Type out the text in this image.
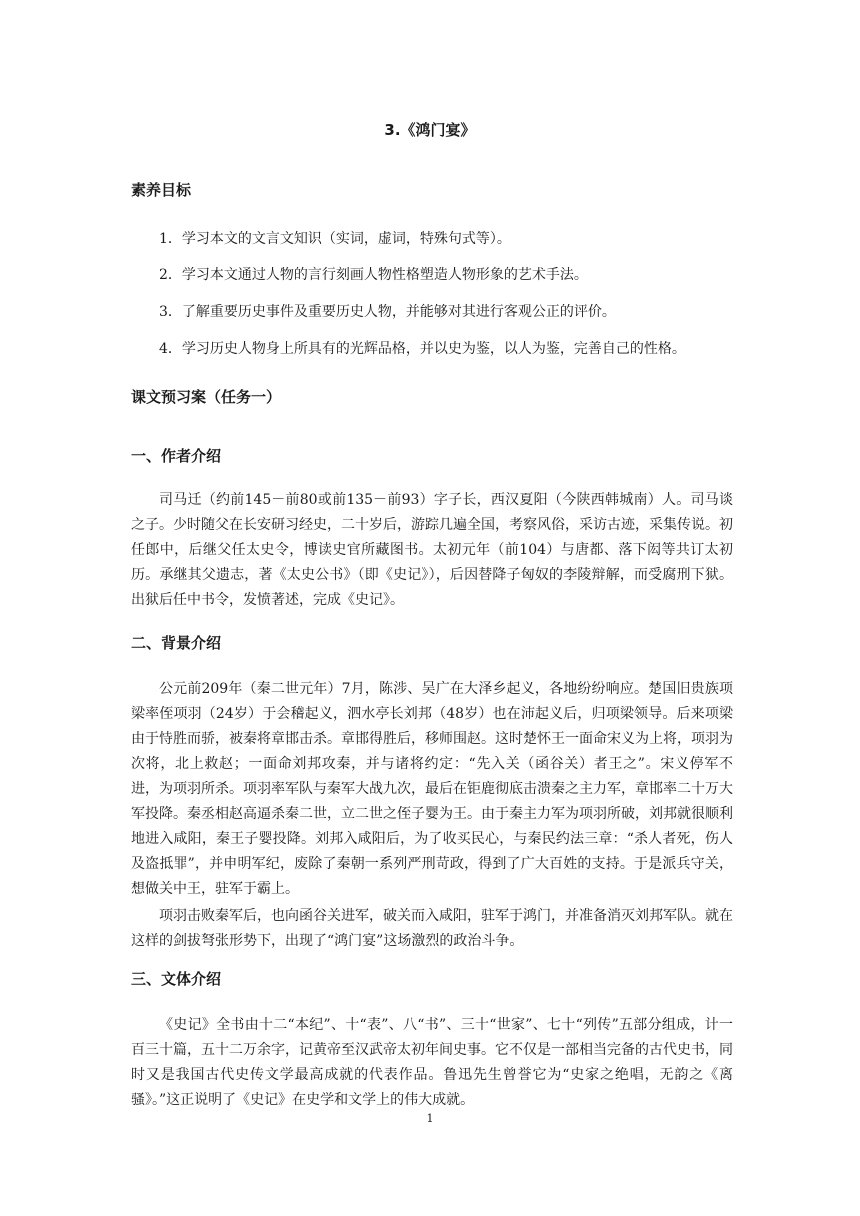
3.《鸿门宴》
素养目标
1．学习本文的文言文知识（实词，虚词，特殊句式等）。
2．学习本文通过人物的言行刻画人物性格塑造人物形象的艺术手法。
3．了解重要历史事件及重要历史人物，并能够对其进行客观公正的评价。
4．学习历史人物身上所具有的光辉品格，并以史为鉴，以人为鉴，完善自己的性格。
课文预习案（任务一）
一、作者介绍
司马迁（约前145－前80或前135－前93）字子长，西汉夏阳（今陕西韩城南）人。司马谈之子。少时随父在长安研习经史，二十岁后，游踪几遍全国，考察风俗，采访古迹，采集传说。初任郎中，后继父任太史令，博读史官所藏图书。太初元年（前104）与唐都、落下闳等共订太初历。承继其父遗志，著《太史公书》（即《史记》），后因替降子匈奴的李陵辩解，而受腐刑下狱。出狱后任中书令，发愤著述，完成《史记》。
二、背景介绍
公元前209年（秦二世元年）7月，陈涉、吴广在大泽乡起义，各地纷纷响应。楚国旧贵族项梁率侄项羽（24岁）于会稽起义，泗水亭长刘邦（48岁）也在沛起义后，归项梁领导。后来项梁由于恃胜而骄，被秦将章邯击杀。章邯得胜后，移师围赵。这时楚怀王一面命宋义为上将，项羽为次将，北上救赵；一面命刘邦攻秦，并与诸将约定：“先入关（函谷关）者王之”。宋义停军不进，为项羽所杀。项羽率军队与秦军大战九次，最后在钜鹿彻底击溃秦之主力军，章邯率二十万大军投降。秦丞相赵高逼杀秦二世，立二世之侄子婴为王。由于秦主力军为项羽所破，刘邦就很顺利地进入咸阳，秦王子婴投降。刘邦入咸阳后，为了收买民心，与秦民约法三章：“杀人者死，伤人及盗抵罪”，并申明军纪，废除了秦朝一系列严刑苛政，得到了广大百姓的支持。于是派兵守关，想做关中王，驻军于霸上。
项羽击败秦军后，也向函谷关进军，破关而入咸阳，驻军于鸿门，并准备消灭刘邦军队。就在这样的剑拔弩张形势下，出现了“鸿门宴”这场激烈的政治斗争。
三、文体介绍
《史记》全书由十二“本纪”、十“表”、八“书”、三十“世家”、七十“列传”五部分组成，计一百三十篇，五十二万余字，记黄帝至汉武帝太初年间史事。它不仅是一部相当完备的古代史书，同时又是我国古代史传文学最高成就的代表作品。鲁迅先生曾誉它为“史家之绝唱，无韵之《离骚》。”这正说明了《史记》在史学和文学上的伟大成就。
1
